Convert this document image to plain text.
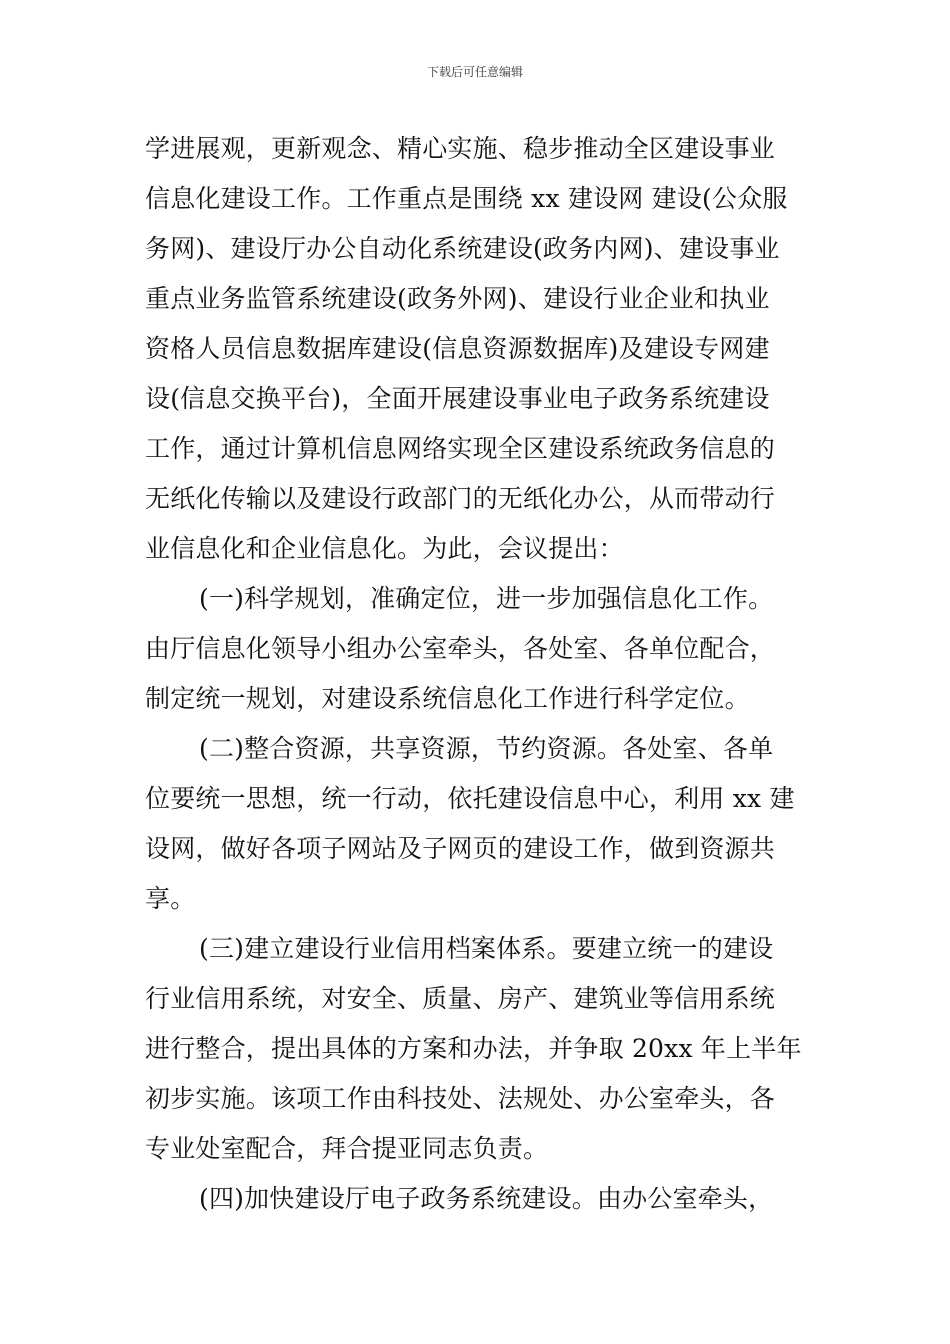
下载后可任意编辑
学进展观，更新观念、精心实施、稳步推动全区建设事业
信息化建设工作。工作重点是围绕 xx 建设网 建设(公众服
务网)、建设厅办公自动化系统建设(政务内网)、建设事业
重点业务监管系统建设(政务外网)、建设行业企业和执业
资格人员信息数据库建设(信息资源数据库)及建设专网建
设(信息交换平台)，全面开展建设事业电子政务系统建设
工作，通过计算机信息网络实现全区建设系统政务信息的
无纸化传输以及建设行政部门的无纸化办公，从而带动行
业信息化和企业信息化。为此，会议提出：
(一)科学规划，准确定位，进一步加强信息化工作。
由厅信息化领导小组办公室牵头，各处室、各单位配合，
制定统一规划，对建设系统信息化工作进行科学定位。
(二)整合资源，共享资源，节约资源。各处室、各单
位要统一思想，统一行动，依托建设信息中心，利用 xx 建
设网，做好各项子网站及子网页的建设工作，做到资源共
享。
(三)建立建设行业信用档案体系。要建立统一的建设
行业信用系统，对安全、质量、房产、建筑业等信用系统
进行整合，提出具体的方案和办法，并争取 20xx 年上半年
初步实施。该项工作由科技处、法规处、办公室牵头，各
专业处室配合，拜合提亚同志负责。
(四)加快建设厅电子政务系统建设。由办公室牵头，
